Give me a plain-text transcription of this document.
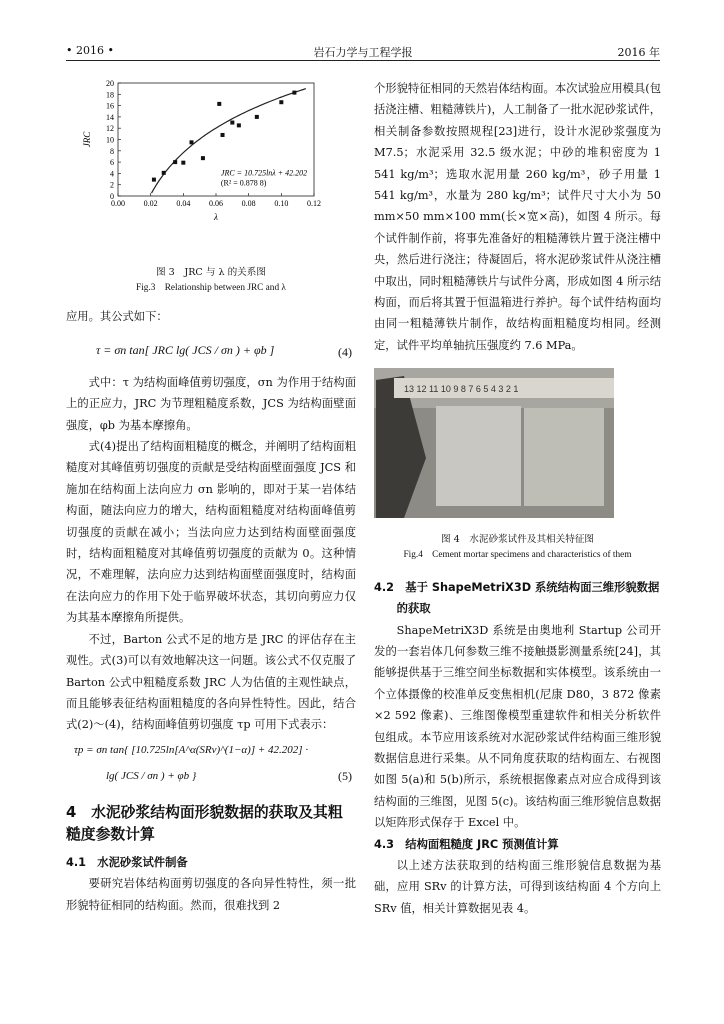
• 2016 •	岩石力学与工程学报	2016 年
0
2
4
6
8
10
12
14
16
18
20
0.00 0.02 0.04 0.06 0.08 0.10 0.12
λ
JRC
JRC = 10.725lnλ + 42.202
(R² = 0.878 8)
图 3　JRC 与 λ 的关系图
Fig.3　Relationship between JRC and λ

应用。其公式如下：

τ = σn tan[ JRC lg( JCS / σn ) + φb ]	(4)

式中：τ 为结构面峰值剪切强度，σn 为作用于结构面上的正应力，JRC 为节理粗糙度系数，JCS 为结构面壁面强度，φb 为基本摩擦角。

式(4)提出了结构面粗糙度的概念，并阐明了结构面粗糙度对其峰值剪切强度的贡献是受结构面壁面强度 JCS 和施加在结构面上法向应力 σn 影响的，即对于某一岩体结构面，随法向应力的增大，结构面粗糙度对结构面峰值剪切强度的贡献在减小；当法向应力达到结构面壁面强度时，结构面粗糙度对其峰值剪切强度的贡献为 0。这种情况，不难理解，法向应力达到结构面壁面强度时，结构面在法向应力的作用下处于临界破坏状态，其切向剪应力仅为其基本摩擦角所提供。

不过，Barton 公式不足的地方是 JRC 的评估存在主观性。式(3)可以有效地解决这一问题。该公式不仅克服了 Barton 公式中粗糙度系数 JRC 人为估值的主观性缺点，而且能够表征结构面粗糙度的各向异性特性。因此，结合式(2)～(4)，结构面峰值剪切强度 τp 可用下式表示：

τp = σn tan{ [10.725ln[A^α(SRv)^(1−α)] + 42.202] ·
lg( JCS / σn ) + φb }	(5)
4　水泥砂浆结构面形貌数据的获取及其粗糙度参数计算
4.1　水泥砂浆试件制备

要研究岩体结构面剪切强度的各向异性特性，须一批形貌特征相同的结构面。然而，很难找到 2

个形貌特征相同的天然岩体结构面。本次试验应用模具(包括浇注槽、粗糙薄铁片)，人工制备了一批水泥砂浆试件，相关制备参数按照规程[23]进行，设计水泥砂浆强度为 M7.5；水泥采用 32.5 级水泥；中砂的堆积密度为 1 541 kg/m³；选取水泥用量 260 kg/m³，砂子用量 1 541 kg/m³，水量为 280 kg/m³；试件尺寸大小为 50 mm×50 mm×100 mm(长×宽×高)，如图 4 所示。每个试件制作前，将事先准备好的粗糙薄铁片置于浇注槽中央，然后进行浇注；待凝固后，将水泥砂浆试件从浇注槽中取出，同时粗糙薄铁片与试件分离，形成如图 4 所示结构面，而后将其置于恒温箱进行养护。每个试件结构面均由同一粗糙薄铁片制作，故结构面粗糙度均相同。经测定，试件平均单轴抗压强度约 7.6 MPa。

13 12 11 10 9 8 7 6 5 4 3 2 1
图 4　水泥砂浆试件及其相关特征图
Fig.4　Cement mortar specimens and characteristics of them
4.2　基于 ShapeMetriX3D 系统结构面三维形貌数据的获取

ShapeMetriX3D 系统是由奥地利 Startup 公司开发的一套岩体几何参数三维不接触摄影测量系统[24]，其能够提供基于三维空间坐标数据和实体模型。该系统由一个立体摄像的校准单反变焦相机(尼康 D80，3 872 像素×2 592 像素)、三维图像模型重建软件和相关分析软件包组成。本节应用该系统对水泥砂浆试件结构面三维形貌数据信息进行采集。从不同角度获取的结构面左、右视图如图 5(a)和 5(b)所示，系统根据像素点对应合成得到该结构面的三维图，见图 5(c)。该结构面三维形貌信息数据以矩阵形式保存于 Excel 中。

4.3　结构面粗糙度 JRC 预测值计算

以上述方法获取到的结构面三维形貌信息数据为基础，应用 SRv 的计算方法，可得到该结构面 4 个方向上 SRv 值，相关计算数据见表 4。
